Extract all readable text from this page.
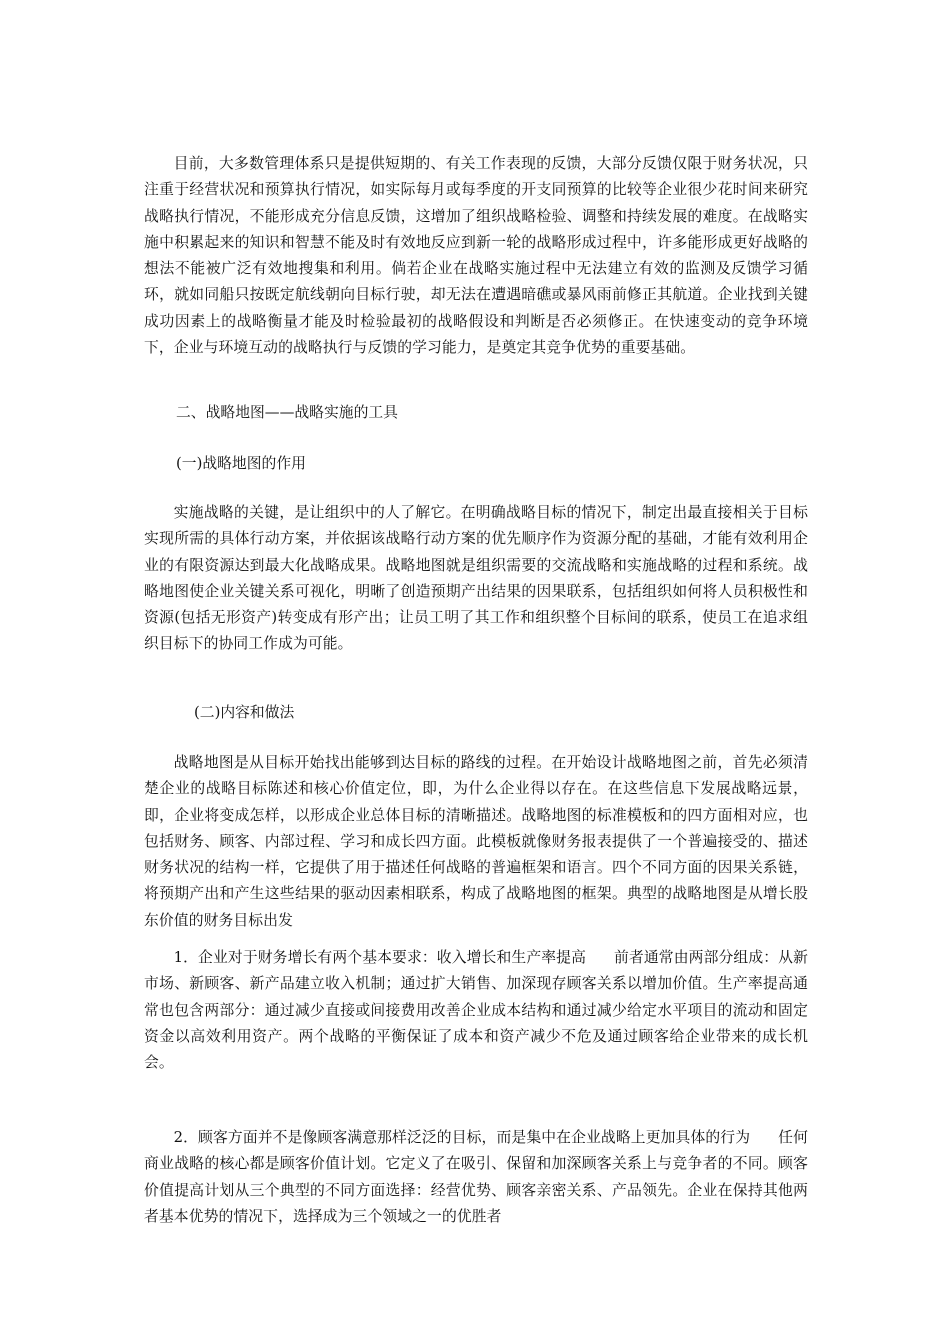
目前，大多数管理体系只是提供短期的、有关工作表现的反馈，大部分反馈仅限于财务状况，只注重于经营状况和预算执行情况，如实际每月或每季度的开支同预算的比较等企业很少花时间来研究战略执行情况，不能形成充分信息反馈，这增加了组织战略检验、调整和持续发展的难度。在战略实施中积累起来的知识和智慧不能及时有效地反应到新一轮的战略形成过程中，许多能形成更好战略的想法不能被广泛有效地搜集和利用。倘若企业在战略实施过程中无法建立有效的监测及反馈学习循环，就如同船只按既定航线朝向目标行驶，却无法在遭遇暗礁或暴风雨前修正其航道。企业找到关键成功因素上的战略衡量才能及时检验最初的战略假设和判断是否必须修正。在快速变动的竞争环境下，企业与环境互动的战略执行与反馈的学习能力，是奠定其竞争优势的重要基础。

二、战略地图——战略实施的工具

(一)战略地图的作用

实施战略的关键，是让组织中的人了解它。在明确战略目标的情况下，制定出最直接相关于目标实现所需的具体行动方案，并依据该战略行动方案的优先顺序作为资源分配的基础，才能有效利用企业的有限资源达到最大化战略成果。战略地图就是组织需要的交流战略和实施战略的过程和系统。战略地图使企业关键关系可视化，明晰了创造预期产出结果的因果联系，包括组织如何将人员积极性和资源(包括无形资产)转变成有形产出；让员工明了其工作和组织整个目标间的联系，使员工在追求组织目标下的协同工作成为可能。

(二)内容和做法

战略地图是从目标开始找出能够到达目标的路线的过程。在开始设计战略地图之前，首先必须清楚企业的战略目标陈述和核心价值定位，即，为什么企业得以存在。在这些信息下发展战略远景，即，企业将变成怎样，以形成企业总体目标的清晰描述。战略地图的标准模板和的四方面相对应，也包括财务、顾客、内部过程、学习和成长四方面。此模板就像财务报表提供了一个普遍接受的、描述财务状况的结构一样，它提供了用于描述任何战略的普遍框架和语言。四个不同方面的因果关系链，将预期产出和产生这些结果的驱动因素相联系，构成了战略地图的框架。典型的战略地图是从增长股东价值的财务目标出发

1．企业对于财务增长有两个基本要求：收入增长和生产率提高 前者通常由两部分组成：从新市场、新顾客、新产品建立收入机制；通过扩大销售、加深现存顾客关系以增加价值。生产率提高通常也包含两部分：通过减少直接或间接费用改善企业成本结构和通过减少给定水平项目的流动和固定资金以高效利用资产。两个战略的平衡保证了成本和资产减少不危及通过顾客给企业带来的成长机会。

2．顾客方面并不是像顾客满意那样泛泛的目标，而是集中在企业战略上更加具体的行为 任何商业战略的核心都是顾客价值计划。它定义了在吸引、保留和加深顾客关系上与竞争者的不同。顾客价值提高计划从三个典型的不同方面选择：经营优势、顾客亲密关系、产品领先。企业在保持其他两者基本优势的情况下，选择成为三个领域之一的优胜者
